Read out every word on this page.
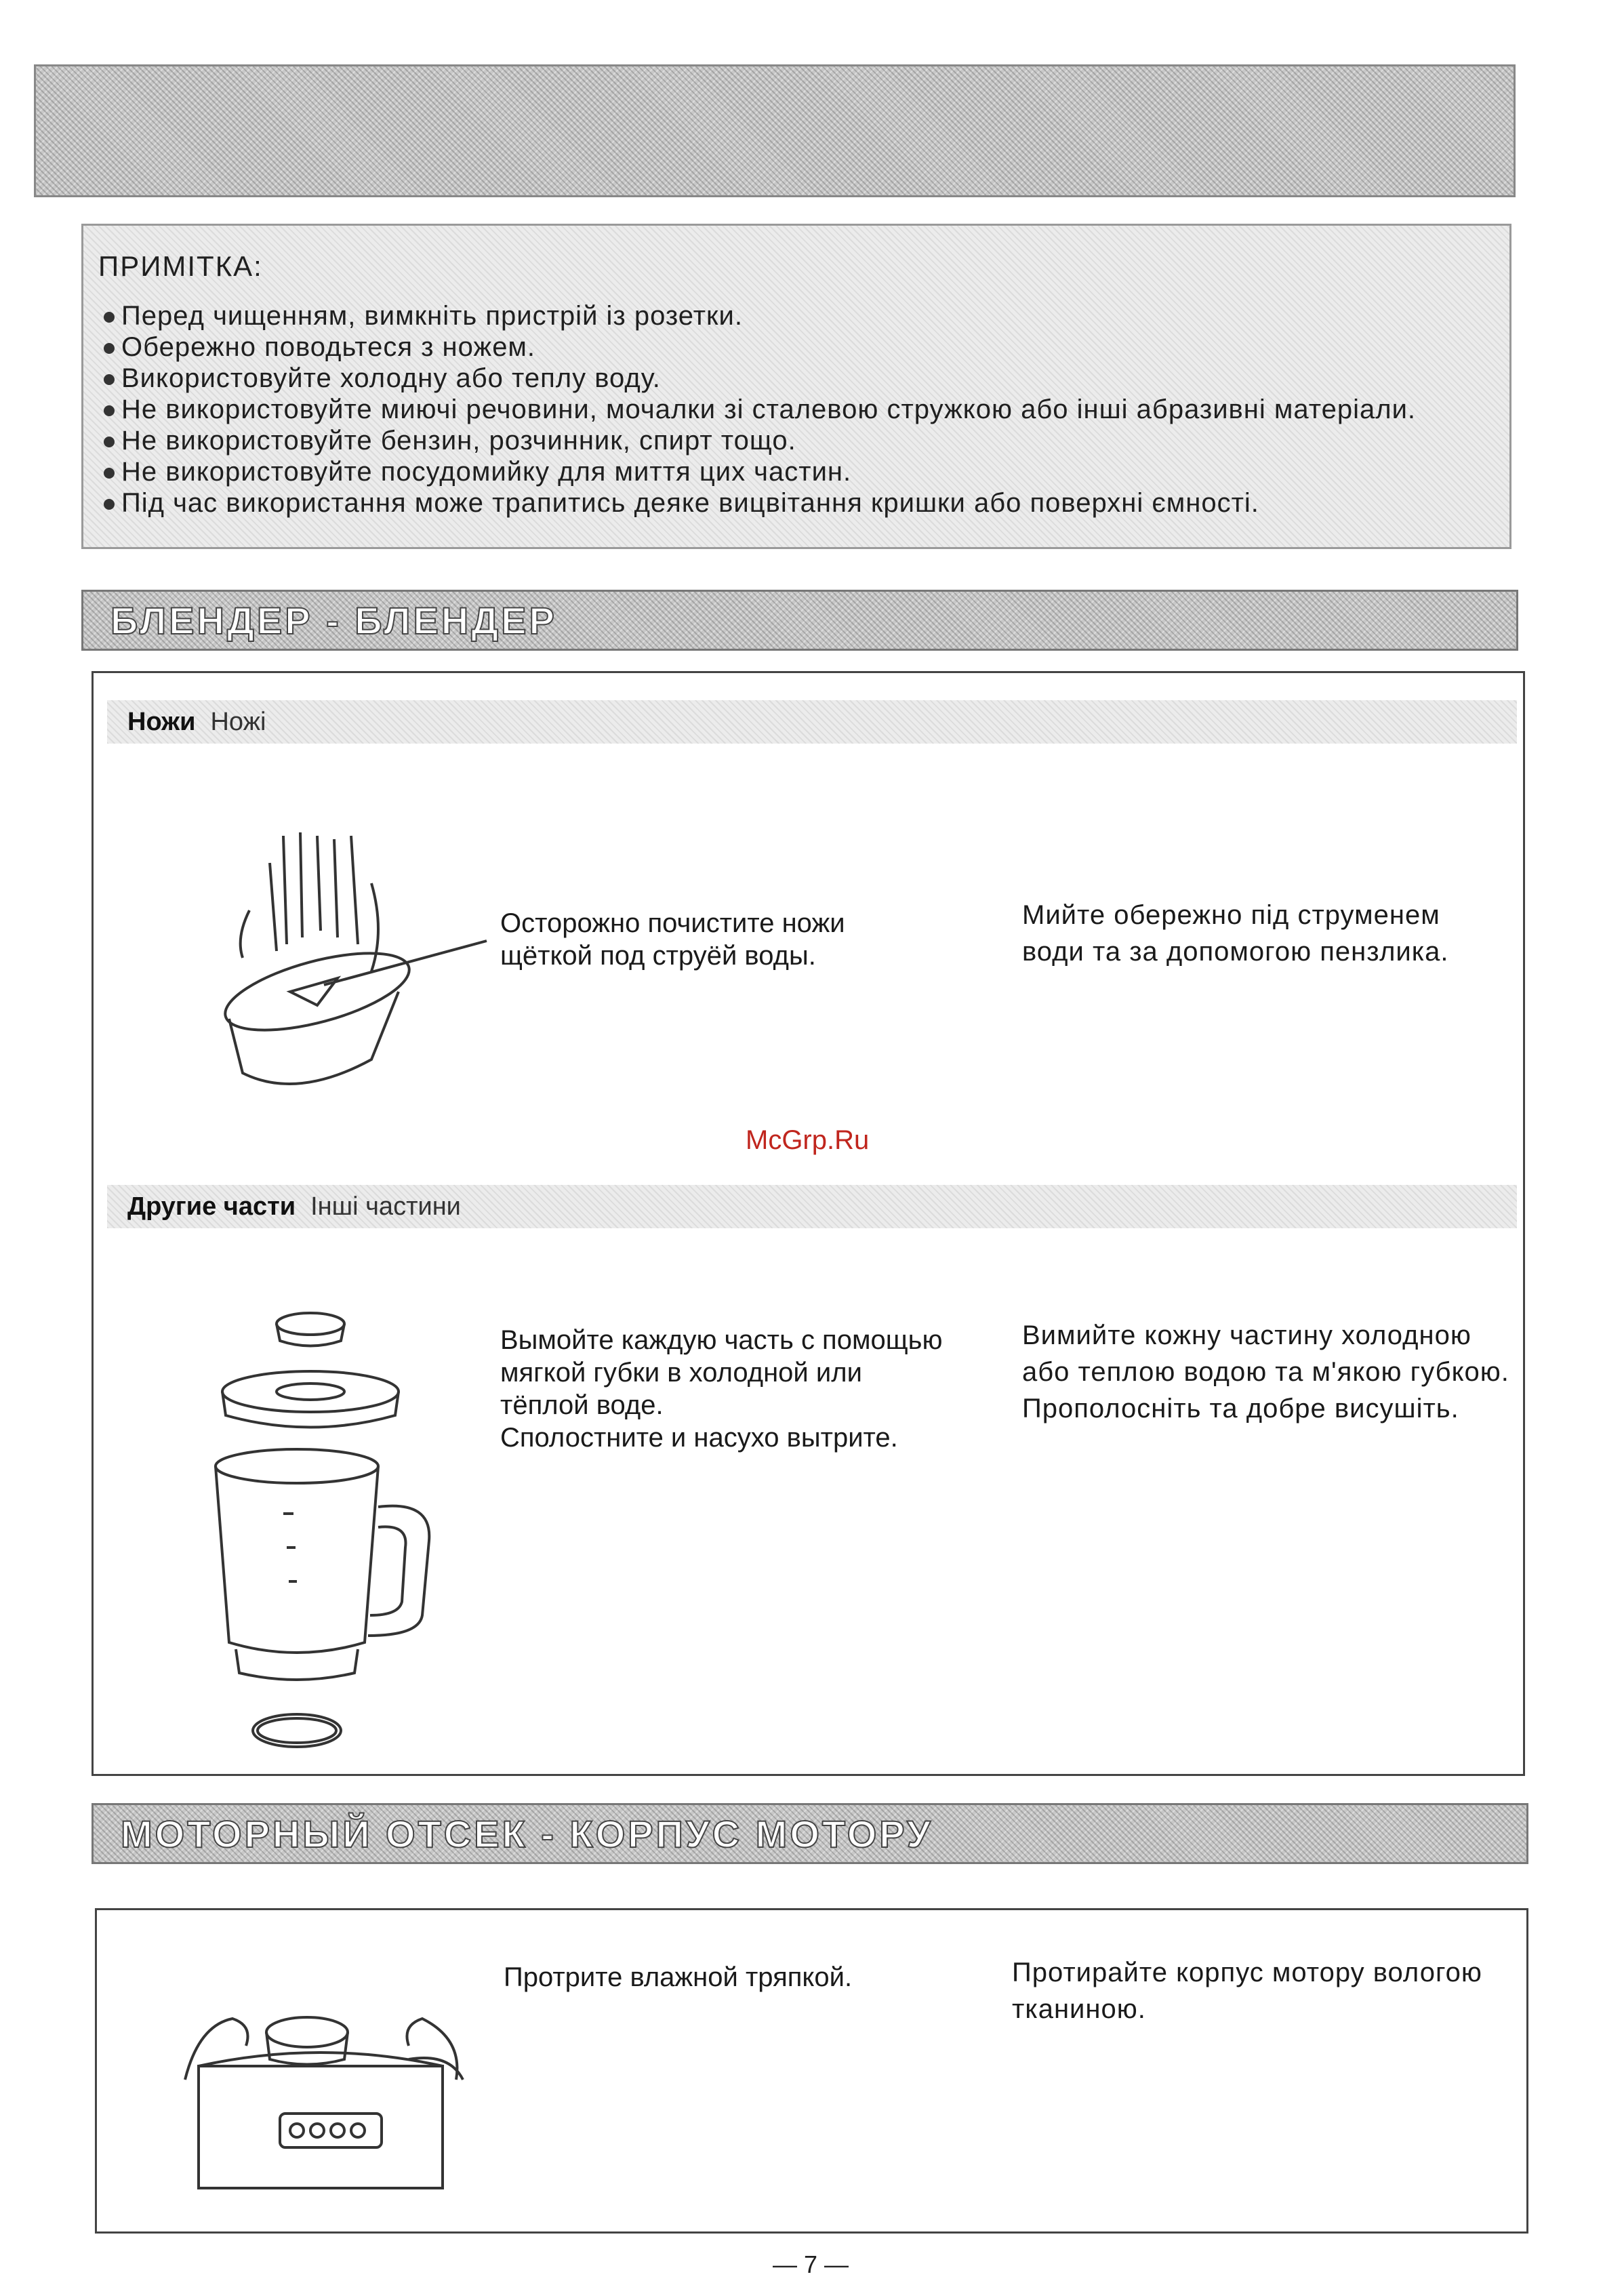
ПРИМІТКА:
Перед чищенням, вимкніть пристрій із розетки.
Обережно поводьтеся з ножем.
Використовуйте холодну або теплу воду.
Не використовуйте миючі речовини, мочалки зі сталевою стружкою або інші абразивні матеріали.
Не використовуйте бензин, розчинник, спирт тощо.
Не використовуйте посудомийку для миття цих частин.
Під час використання може трапитись деяке вицвітання кришки або поверхні ємності.
БЛЕНДЕР - БЛЕНДЕР
Ножи Ножі
Осторожно почистите ножи
щёткой под струёй воды.
Мийте обережно під струменем
води та за допомогою пензлика.
Другие части Інші частини
Вымойте каждую часть с помощью
мягкой губки в холодной или
тёплой воде.
Сполостните и насухо вытрите.
Вимийте кожну частину холодною
або теплою водою та м'якою губкою.
Прополосніть та добре висушіть.
McGrp.Ru
МОТОРНЫЙ ОТСЕК - КОРПУС МОТОРУ
Протрите влажной тряпкой.	Протирайте корпус мотору вологою
тканиною.
— 7 —
